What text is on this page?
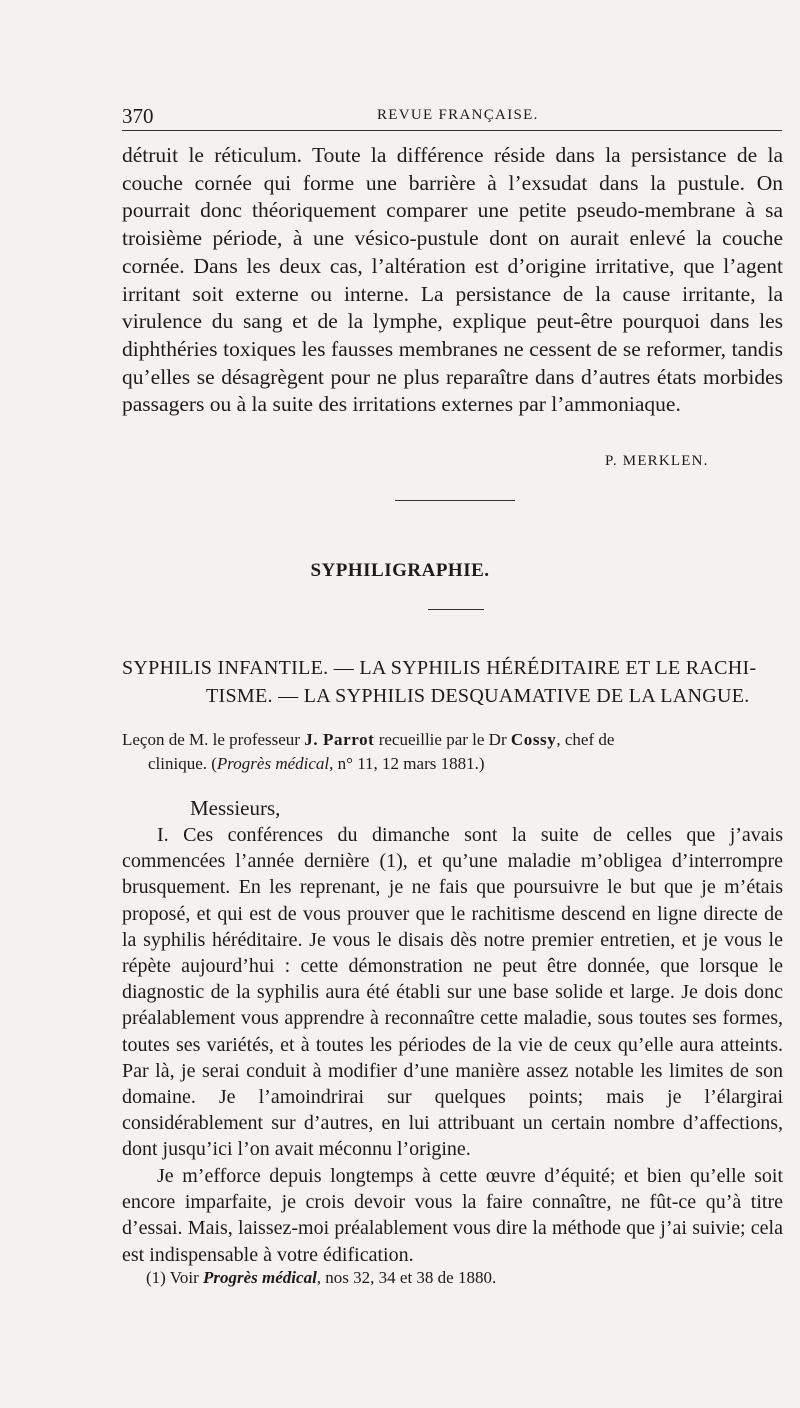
370	REVUE FRANÇAISE.

détruit le réticulum. Toute la différence réside dans la persistance de la couche cornée qui forme une barrière à l’exsudat dans la pustule. On pourrait donc théoriquement comparer une petite pseudo-membrane à sa troisième période, à une vésico-pustule dont on aurait enlevé la couche cornée. Dans les deux cas, l’altération est d’origine irritative, que l’agent irritant soit externe ou interne. La persistance de la cause irritante, la virulence du sang et de la lymphe, explique peut-être pourquoi dans les diphthéries toxiques les fausses membranes ne cessent de se reformer, tandis qu’elles se désagrègent pour ne plus reparaître dans d’autres états morbides passagers ou à la suite des irritations externes par l’ammoniaque.

P. MERKLEN.
SYPHILIGRAPHIE.

SYPHILIS INFANTILE. — LA SYPHILIS HÉRÉDITAIRE ET LE RACHI-
TISME. — LA SYPHILIS DESQUAMATIVE DE LA LANGUE.

Leçon de M. le professeur J. Parrot recueillie par le Dr Cossy, chef de
clinique. (Progrès médical, n° 11, 12 mars 1881.)

Messieurs,

I. Ces conférences du dimanche sont la suite de celles que j’avais commencées l’année dernière (1), et qu’une maladie m’obligea d’interrompre brusquement. En les reprenant, je ne fais que poursuivre le but que je m’étais proposé, et qui est de vous prouver que le rachitisme descend en ligne directe de la syphilis héréditaire. Je vous le disais dès notre premier entretien, et je vous le répète aujourd’hui : cette démonstration ne peut être donnée, que lorsque le diagnostic de la syphilis aura été établi sur une base solide et large. Je dois donc préalablement vous apprendre à reconnaître cette maladie, sous toutes ses formes, toutes ses variétés, et à toutes les périodes de la vie de ceux qu’elle aura atteints. Par là, je serai conduit à modifier d’une manière assez notable les limites de son domaine. Je l’amoindrirai sur quelques points; mais je l’élargirai considérablement sur d’autres, en lui attribuant un certain nombre d’affections, dont jusqu’ici l’on avait méconnu l’origine.

Je m’efforce depuis longtemps à cette œuvre d’équité; et bien qu’elle soit encore imparfaite, je crois devoir vous la faire connaître, ne fût-ce qu’à titre d’essai. Mais, laissez-moi préalablement vous dire la méthode que j’ai suivie; cela est indispensable à votre édification.

(1) Voir Progrès médical, nos 32, 34 et 38 de 1880.
